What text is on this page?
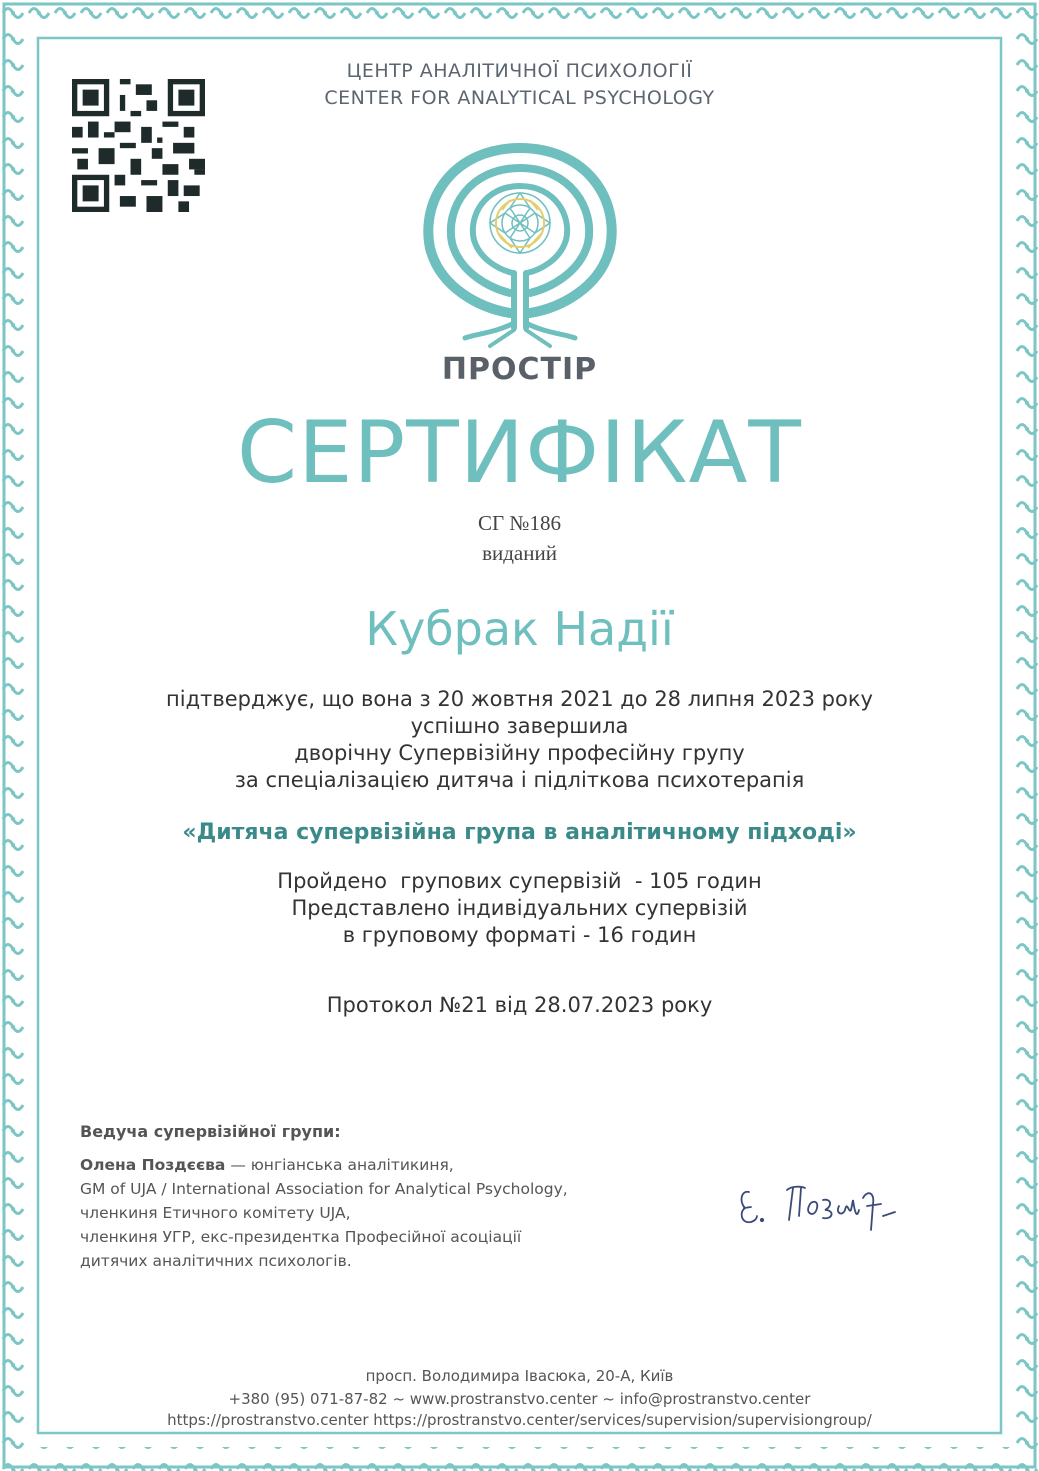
ЦЕНТР АНАЛІТИЧНОЇ ПСИХОЛОГІЇ
CENTER FOR ANALYTICAL PSYCHOLOGY
ПРОСТІР
СЕРТИФІКАТ
СГ №186
виданий
Кубрак Надії
підтверджує, що вона з 20 жовтня 2021 до 28 липня 2023 року
успішно завершила
дворічну Супервізійну професійну групу
за спеціалізацією дитяча і підліткова психотерапія
«Дитяча супервізійна група в аналітичному підході»
Пройдено  групових супервізій  - 105 годин
Представлено індивідуальних супервізій
в груповому форматі - 16 годин
Протокол №21 від 28.07.2023 року
Ведуча супервізійної групи:
Олена Поздєєва — юнгіанська аналітикиня,
GM of UJA / International Association for Analytical Psychology,
членкиня Етичного комітету UJA,
членкиня УГР, екс-президентка Професійної асоціації
дитячих аналітичних психологів.
просп. Володимира Івасюка, 20-А, Київ
+380 (95) 071-87-82 ~ www.prostranstvo.center ~ info@prostranstvo.center
https://prostranstvo.center https://prostranstvo.center/services/supervision/supervisiongroup/
